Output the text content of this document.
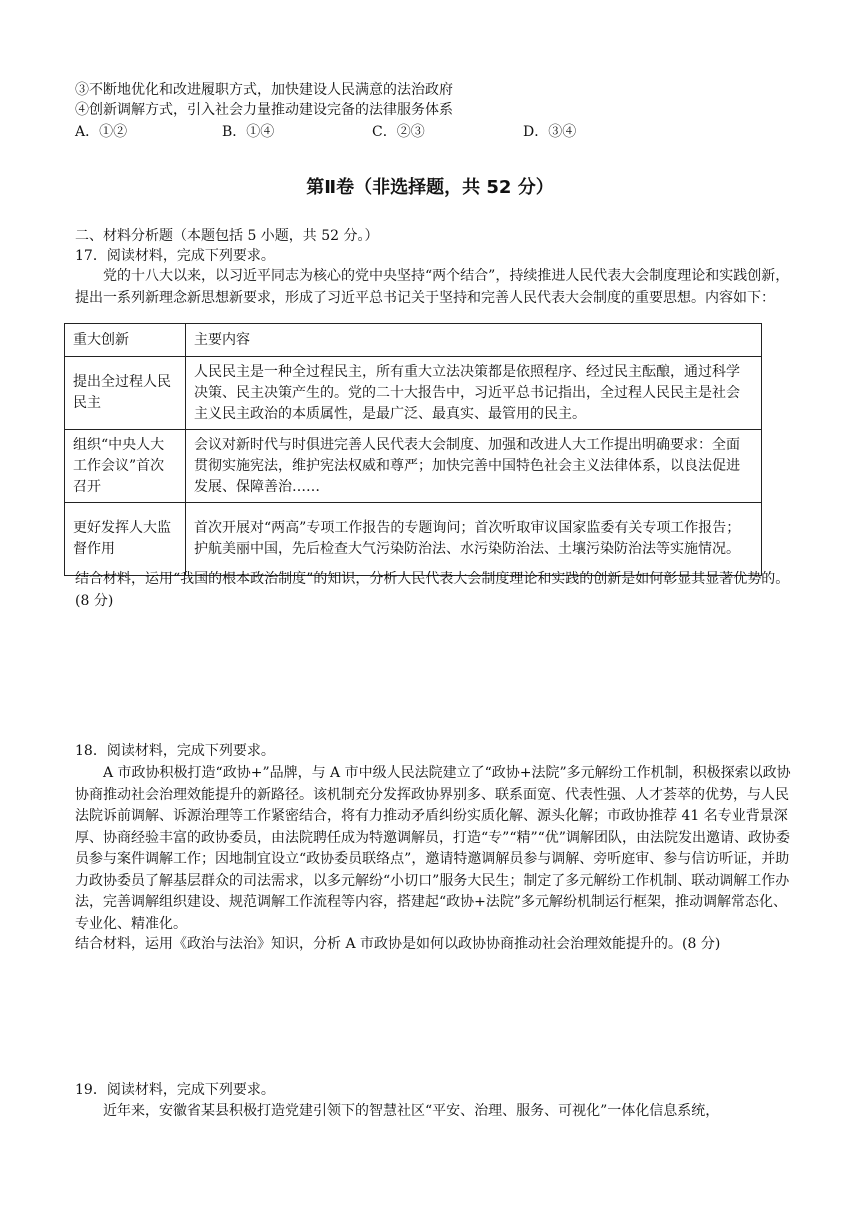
③不断地优化和改进履职方式，加快建设人民满意的法治政府
④创新调解方式，引入社会力量推动建设完备的法律服务体系
A．①②	B．①④	C．②③	D．③④
第Ⅱ卷（非选择题，共 52 分）
二、材料分析题（本题包括 5 小题，共 52 分。）
17．阅读材料，完成下列要求。
党的十八大以来，以习近平同志为核心的党中央坚持“两个结合”，持续推进人民代表大会制度理论和实践创新，提出一系列新理念新思想新要求，形成了习近平总书记关于坚持和完善人民代表大会制度的重要思想。内容如下：
重大创新	主要内容
提出全过程人民民主	人民民主是一种全过程民主，所有重大立法决策都是依照程序、经过民主酝酿，通过科学决策、民主决策产生的。党的二十大报告中，习近平总书记指出，全过程人民民主是社会主义民主政治的本质属性，是最广泛、最真实、最管用的民主。
组织“中央人大工作会议”首次召开	会议对新时代与时俱进完善人民代表大会制度、加强和改进人大工作提出明确要求：全面贯彻实施宪法，维护宪法权威和尊严；加快完善中国特色社会主义法律体系，以良法促进发展、保障善治……
更好发挥人大监督作用	首次开展对“两高”专项工作报告的专题询问；首次听取审议国家监委有关专项工作报告；护航美丽中国，先后检查大气污染防治法、水污染防治法、土壤污染防治法等实施情况。
结合材料，运用“我国的根本政治制度”的知识，分析人民代表大会制度理论和实践的创新是如何彰显其显著优势的。(8 分)
18．阅读材料，完成下列要求。
A 市政协积极打造“政协+”品牌，与 A 市中级人民法院建立了“政协+法院”多元解纷工作机制，积极探索以政协协商推动社会治理效能提升的新路径。该机制充分发挥政协界别多、联系面宽、代表性强、人才荟萃的优势，与人民法院诉前调解、诉源治理等工作紧密结合，将有力推动矛盾纠纷实质化解、源头化解；市政协推荐 41 名专业背景深厚、协商经验丰富的政协委员，由法院聘任成为特邀调解员，打造“专”“精”“优”调解团队，由法院发出邀请、政协委员参与案件调解工作；因地制宜设立“政协委员联络点”，邀请特邀调解员参与调解、旁听庭审、参与信访听证，并助力政协委员了解基层群众的司法需求，以多元解纷“小切口”服务大民生；制定了多元解纷工作机制、联动调解工作办法，完善调解组织建设、规范调解工作流程等内容，搭建起“政协+法院”多元解纷机制运行框架，推动调解常态化、专业化、精准化。
结合材料，运用《政治与法治》知识，分析 A 市政协是如何以政协协商推动社会治理效能提升的。(8 分)
19．阅读材料，完成下列要求。
近年来，安徽省某县积极打造党建引领下的智慧社区“平安、治理、服务、可视化”一体化信息系统，
